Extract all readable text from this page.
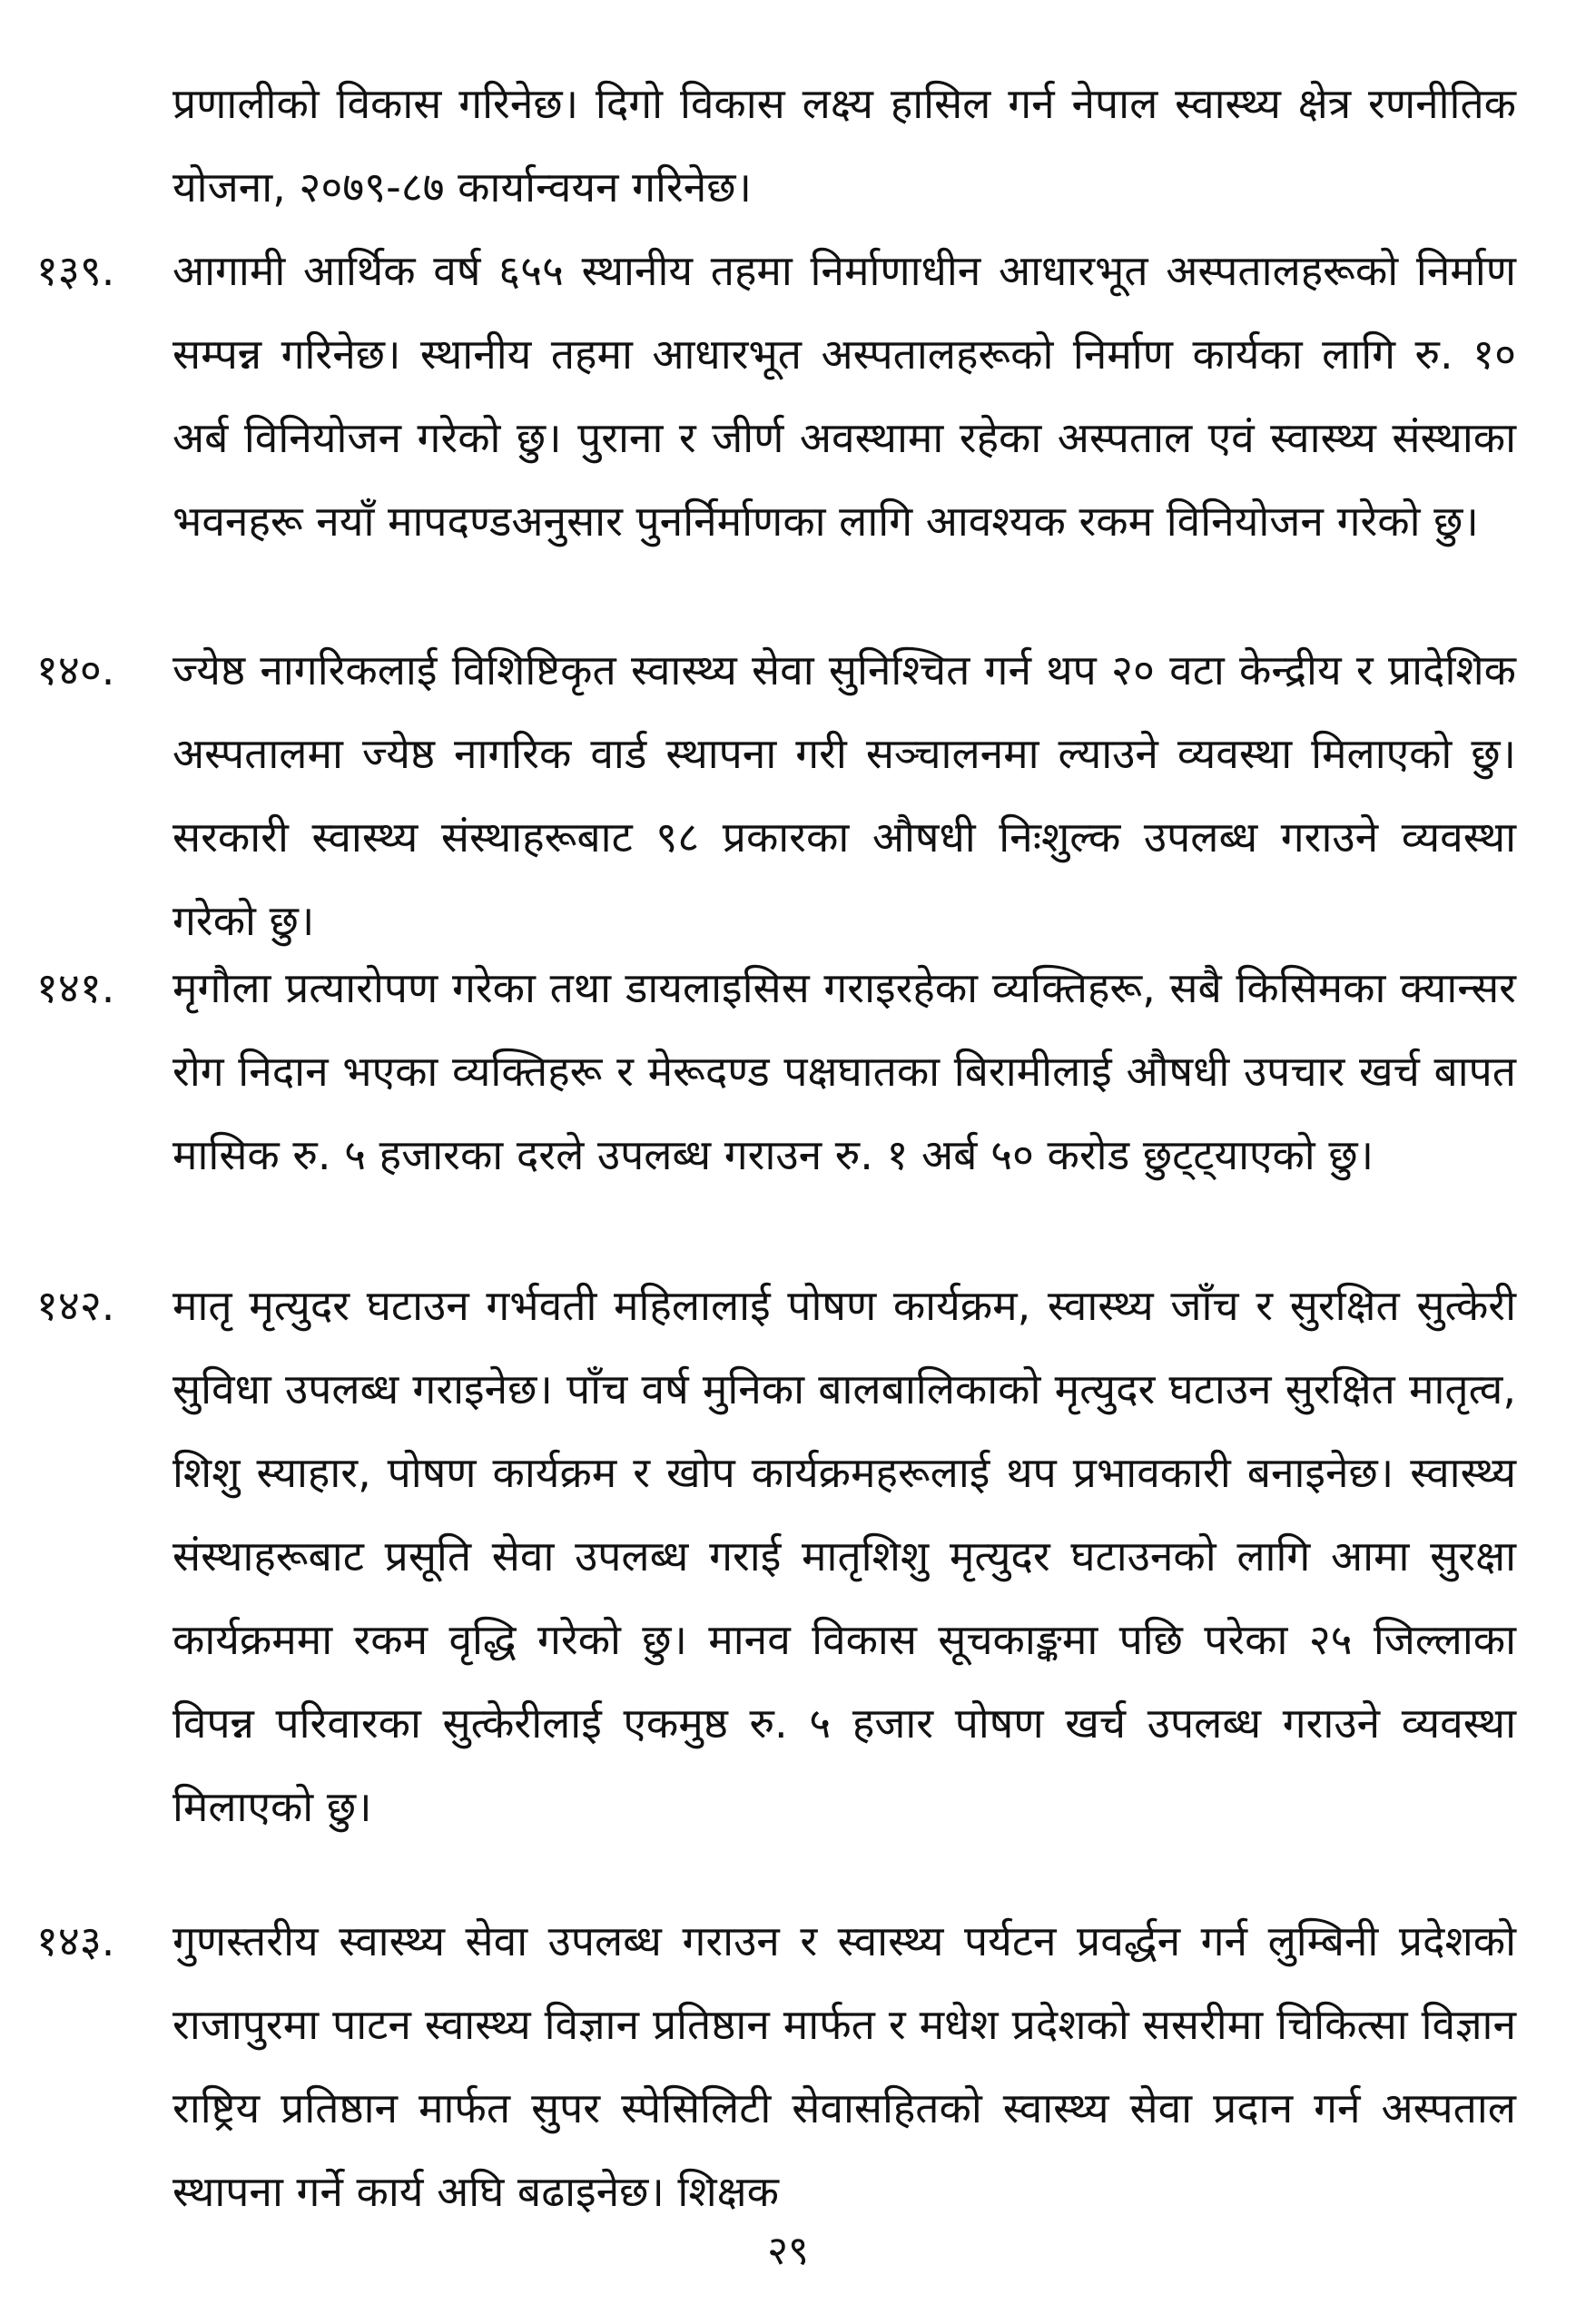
प्रणालीको विकास गरिनेछ। दिगो विकास लक्ष्य हासिल गर्न नेपाल स्वास्थ्य क्षेत्र रणनीतिक योजना, २०७९-८७ कार्यान्वयन गरिनेछ।
१३९.	आगामी आर्थिक वर्ष ६५५ स्थानीय तहमा निर्माणाधीन आधारभूत अस्पतालहरूको निर्माण सम्पन्न गरिनेछ। स्थानीय तहमा आधारभूत अस्पतालहरूको निर्माण कार्यका लागि रु. १० अर्ब विनियोजन गरेको छु। पुराना र जीर्ण अवस्थामा रहेका अस्पताल एवं स्वास्थ्य संस्थाका भवनहरू नयाँ मापदण्डअनुसार पुनर्निर्माणका लागि आवश्यक रकम विनियोजन गरेको छु।
१४०.	ज्येष्ठ नागरिकलाई विशिष्टिकृत स्वास्थ्य सेवा सुनिश्चित गर्न थप २० वटा केन्द्रीय र प्रादेशिक अस्पतालमा ज्येष्ठ नागरिक वार्ड स्थापना गरी सञ्चालनमा ल्याउने व्यवस्था मिलाएको छु। सरकारी स्वास्थ्य संस्थाहरूबाट ९८ प्रकारका औषधी निःशुल्क उपलब्ध गराउने व्यवस्था गरेको छु।
१४१.	मृगौला प्रत्यारोपण गरेका तथा डायलाइसिस गराइरहेका व्यक्तिहरू, सबै किसिमका क्यान्सर रोग निदान भएका व्यक्तिहरू र मेरूदण्ड पक्षघातका बिरामीलाई औषधी उपचार खर्च बापत मासिक रु. ५ हजारका दरले उपलब्ध गराउन रु. १ अर्ब ५० करोड छुट्ट्याएको छु।
१४२.	मातृ मृत्युदर घटाउन गर्भवती महिलालाई पोषण कार्यक्रम, स्वास्थ्य जाँच र सुरक्षित सुत्केरी सुविधा उपलब्ध गराइनेछ। पाँच वर्ष मुनिका बालबालिकाको मृत्युदर घटाउन सुरक्षित मातृत्व, शिशु स्याहार, पोषण कार्यक्रम र खोप कार्यक्रमहरूलाई थप प्रभावकारी बनाइनेछ। स्वास्थ्य संस्थाहरूबाट प्रसूति सेवा उपलब्ध गराई मातृशिशु मृत्युदर घटाउनको लागि आमा सुरक्षा कार्यक्रममा रकम वृद्धि गरेको छु। मानव विकास सूचकाङ्कमा पछि परेका २५ जिल्लाका विपन्न परिवारका सुत्केरीलाई एकमुष्ठ रु. ५ हजार पोषण खर्च उपलब्ध गराउने व्यवस्था मिलाएको छु।
१४३.	गुणस्तरीय स्वास्थ्य सेवा उपलब्ध गराउन र स्वास्थ्य पर्यटन प्रवर्द्धन गर्न लुम्बिनी प्रदेशको राजापुरमा पाटन स्वास्थ्य विज्ञान प्रतिष्ठान मार्फत र मधेश प्रदेशको ससरीमा चिकित्सा विज्ञान राष्ट्रिय प्रतिष्ठान मार्फत सुपर स्पेसिलिटी सेवासहितको स्वास्थ्य सेवा प्रदान गर्न अस्पताल स्थापना गर्ने कार्य अघि बढाइनेछ। शिक्षक
२९
